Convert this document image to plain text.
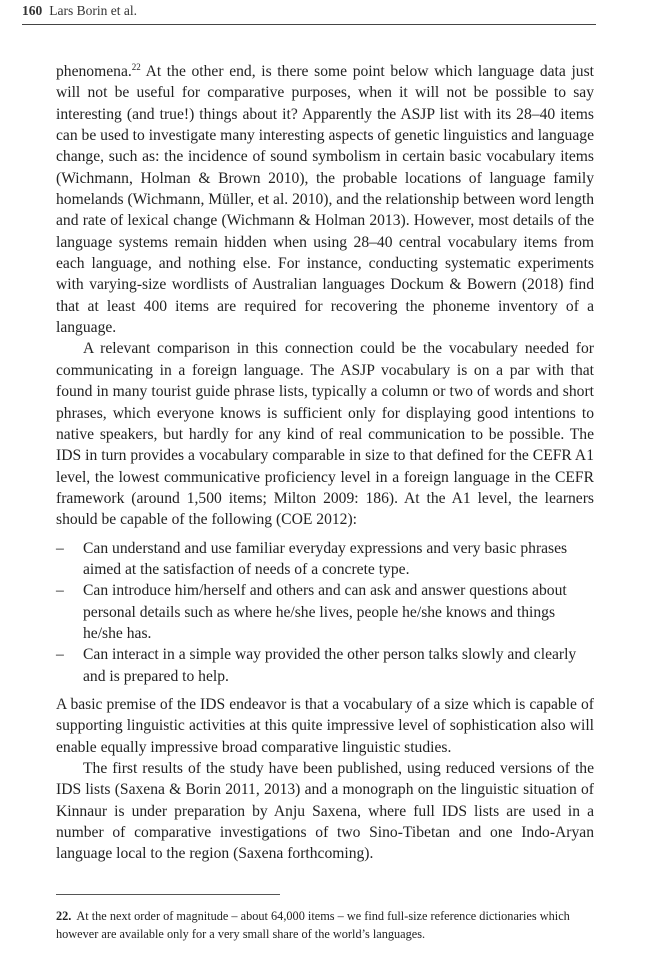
160 Lars Borin et al.

phenomena.$^{22}$ At the other end, is there some point below which language data just will not be useful for comparative purposes, when it will not be possible to say interesting (and true!) things about it? Apparently the ASJP list with its 28–40 items can be used to investigate many interesting aspects of genetic linguistics and language change, such as: the incidence of sound symbolism in certain basic vocabulary items (Wichmann, Holman & Brown 2010), the probable locations of language family homelands (Wichmann, Müller, et al. 2010), and the relationship between word length and rate of lexical change (Wichmann & Holman 2013). However, most details of the language systems remain hidden when using 28–40 central vocabulary items from each language, and nothing else. For instance, conducting systematic experiments with varying-size wordlists of Australian languages Dockum & Bowern (2018) find that at least 400 items are required for recovering the phoneme inventory of a language.

A relevant comparison in this connection could be the vocabulary needed for communicating in a foreign language. The ASJP vocabulary is on a par with that found in many tourist guide phrase lists, typically a column or two of words and short phrases, which everyone knows is sufficient only for displaying good intentions to native speakers, but hardly for any kind of real communication to be possible. The IDS in turn provides a vocabulary comparable in size to that defined for the CEFR A1 level, the lowest communicative proficiency level in a foreign language in the CEFR framework (around 1,500 items; Milton 2009: 186). At the A1 level, the learners should be capable of the following (COE 2012):

– Can understand and use familiar everyday expressions and very basic phrases aimed at the satisfaction of needs of a concrete type.
– Can introduce him/herself and others and can ask and answer questions about personal details such as where he/she lives, people he/she knows and things he/she has.
– Can interact in a simple way provided the other person talks slowly and clearly and is prepared to help.

A basic premise of the IDS endeavor is that a vocabulary of a size which is capable of supporting linguistic activities at this quite impressive level of sophistication also will enable equally impressive broad comparative linguistic studies.

The first results of the study have been published, using reduced versions of the IDS lists (Saxena & Borin 2011, 2013) and a monograph on the linguistic situation of Kinnaur is under preparation by Anju Saxena, where full IDS lists are used in a number of comparative investigations of two Sino-Tibetan and one Indo-Aryan language local to the region (Saxena forthcoming).

22. At the next order of magnitude – about 64,000 items – we find full-size reference dictionaries which however are available only for a very small share of the world’s languages.
